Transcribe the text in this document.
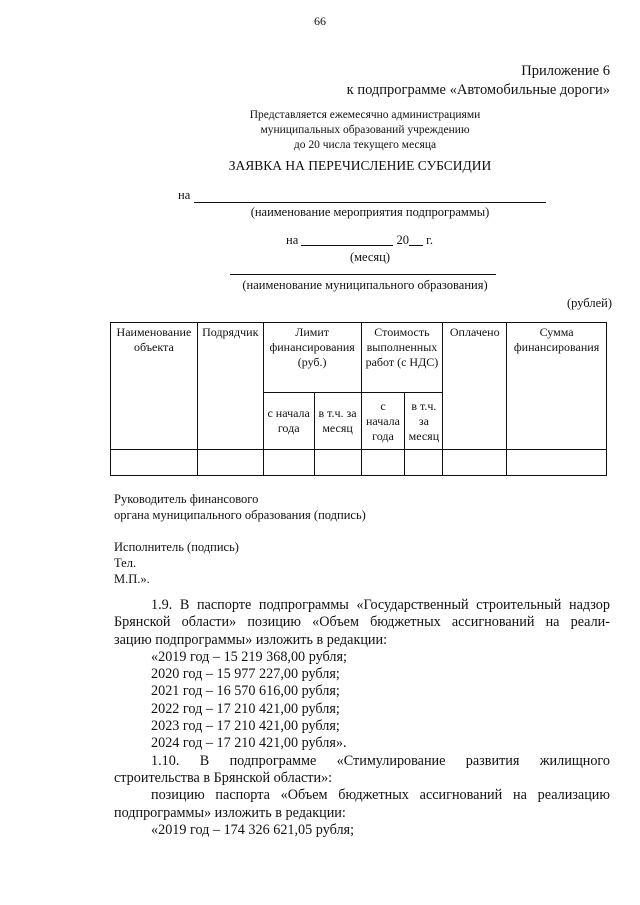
66
Приложение 6
к подпрограмме «Автомобильные дороги»
Представляется ежемесячно администрациями
муниципальных образований учреждению
до 20 числа текущего месяца
ЗАЯВКА НА ПЕРЕЧИСЛЕНИЕ СУБСИДИИ
на
(наименование мероприятия подпрограммы)
на	20 г.
(месяц)
(наименование муниципального образования)
(рублей)
Наименование объекта	Подрядчик	Лимит финансирования (руб.)		Стоимость выполненных работ (с НДС)		Оплачено	Сумма финансирования
		с начала года	в т.ч. за месяц	с начала года	в т.ч. за месяц		

Руководитель финансового
органа муниципального образования (подпись)
Исполнитель (подпись)
Тел.
М.П.».

1.9. В паспорте подпрограммы «Государственный строительный надзор

Брянской области» позицию «Объем бюджетных ассигнований на реали-

зацию подпрограммы» изложить в редакции:

«2019 год – 15 219 368,00 рубля;

2020 год – 15 977 227,00 рубля;

2021 год – 16 570 616,00 рубля;

2022 год – 17 210 421,00 рубля;

2023 год – 17 210 421,00 рубля;

2024 год – 17 210 421,00 рубля».

1.10. В подпрограмме «Стимулирование развития жилищного

строительства в Брянской области»:

позицию паспорта «Объем бюджетных ассигнований на реализацию

подпрограммы» изложить в редакции:

«2019 год – 174 326 621,05 рубля;
